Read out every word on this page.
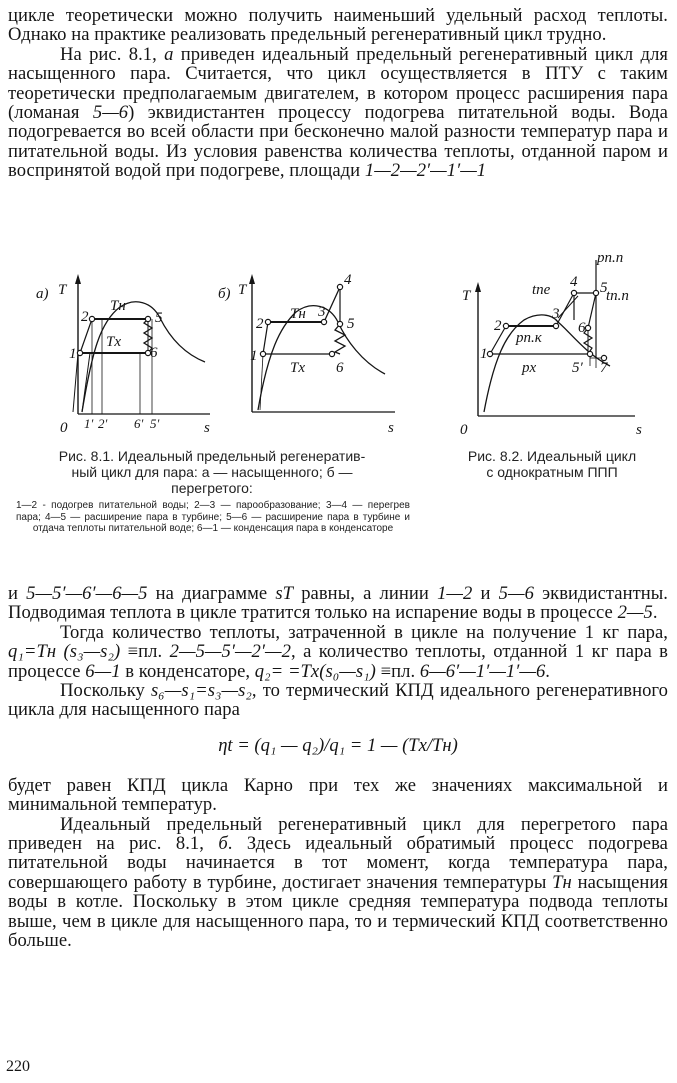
цикле теоретически можно получить наименьший удельный расход теплоты. Однако на практике реализовать предельный регенеративный цикл трудно.

На рис. 8.1, а приведен идеальный предельный регенеративный цикл для насыщенного пара. Считается, что цикл осуществляется в ПТУ с таким теоретически предполагаемым двигателем, в котором процесс расширения пара (ломаная 5—6) эквидистантен процессу подогрева питательной воды. Вода подогревается во всей области при бесконечно малой разности температур пара и питательной воды. Из условия равенства количества теплоты, отданной паром и воспринятой водой при подогреве, площади 1—2—2′—1′—1

а) T
s
0
Tн
Tx
1
2	5
6
1′ 2′ 6′ 5′
б) T
s
Tн
Tx
1
2
3
4
5
6
T
s
0
pп.п
tпе	tп.п
pп.к
px
1
2
3
4 5
6
5′ 7
Рис. 8.1. Идеальный предельный регенератив-
ный цикл для пара: а — насыщенного; б —
перегретого:
1—2 - подогрев питательной воды; 2—3 — парообразование; 3—4 — перегрев пара; 4—5 — расширение пара в турбине; 5—6 — расширение пара в турбине и отдача теплоты питательной воде; 6—1 — конденсация пара в конденсаторе
Рис. 8.2. Идеальный цикл
с однократным ППП

и 5—5′—6′—6—5 на диаграмме sT равны, а линии 1—2 и 5—6 эквидистантны. Подводимая теплота в цикле тратится только на испарение воды в процессе 2—5.

Тогда количество теплоты, затраченной в цикле на получение 1 кг пара, q₁=Tн (s₃—s₂) ≡пл. 2—5—5′—2′—2, а количество теплоты, отданной 1 кг пара в процессе 6—1 в конденсаторе, q₂= =Tx(s₀—s₁) ≡пл. 6—6′—1′—1′—6.

Поскольку s₆—s₁=s₃—s₂, то термический КПД идеального регенеративного цикла для насыщенного пара

ηt = (q₁ — q₂)/q₁ = 1 — (Tx/Tн)

будет равен КПД цикла Карно при тех же значениях максимальной и минимальной температур.

Идеальный предельный регенеративный цикл для перегретого пара приведен на рис. 8.1, б. Здесь идеальный обратимый процесс подогрева питательной воды начинается в тот момент, когда температура пара, совершающего работу в турбине, достигает значения температуры Tн насыщения воды в котле. Поскольку в этом цикле средняя температура подвода теплоты выше, чем в цикле для насыщенного пара, то и термический КПД соответственно больше.

220
